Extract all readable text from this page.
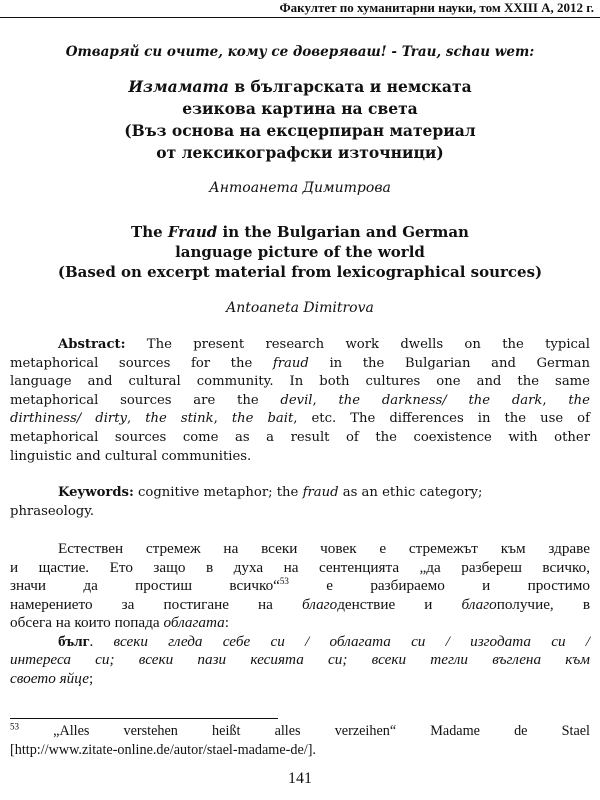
Факултет по хуманитарни науки, том XXIII А, 2012 г.
Отваряй си очите, кому се доверяваш! - Trau, schau wem:
Измамата в българската и немската
езикова картина на света
(Въз основа на ексцерпиран материал
от лексикографски източници)
Антоанета Димитрова
The Fraud in the Bulgarian and German
language picture of the world
(Based on excerpt material from lexicographical sources)
Antoaneta Dimitrova
Abstract: The present research work dwells on the typical
metaphorical sources for the fraud in the Bulgarian and German
language and cultural community. In both cultures one and the same
metaphorical sources are the devil, the darkness/ the dark, the
dirthiness/ dirty, the stink, the bait, etc. The differences in the use of
metaphorical sources come as a result of the coexistence with other
linguistic and cultural communities.
Keywords: cognitive metaphor; the fraud as an ethic category;
phraseology.
Естествен стремеж на всеки човек е стремежът към здраве
и щастие. Ето защо в духа на сентенцията „да разбереш всичко,
значи да простиш всичко“$^{53}$ е разбираемо и простимо
намерението за постигане на благоденствие и благополучие, в
обсега на които попада облагата:
бълг. всеки гледа себе си / облагата си / изгодата си /
интереса си; всеки пази кесията си; всеки тегли въглена към
своето яйце;
$^{53}$ „Alles verstehen heißt alles verzeihen“ Madame de Stael
[http://www.zitate-online.de/autor/stael-madame-de/].
141
